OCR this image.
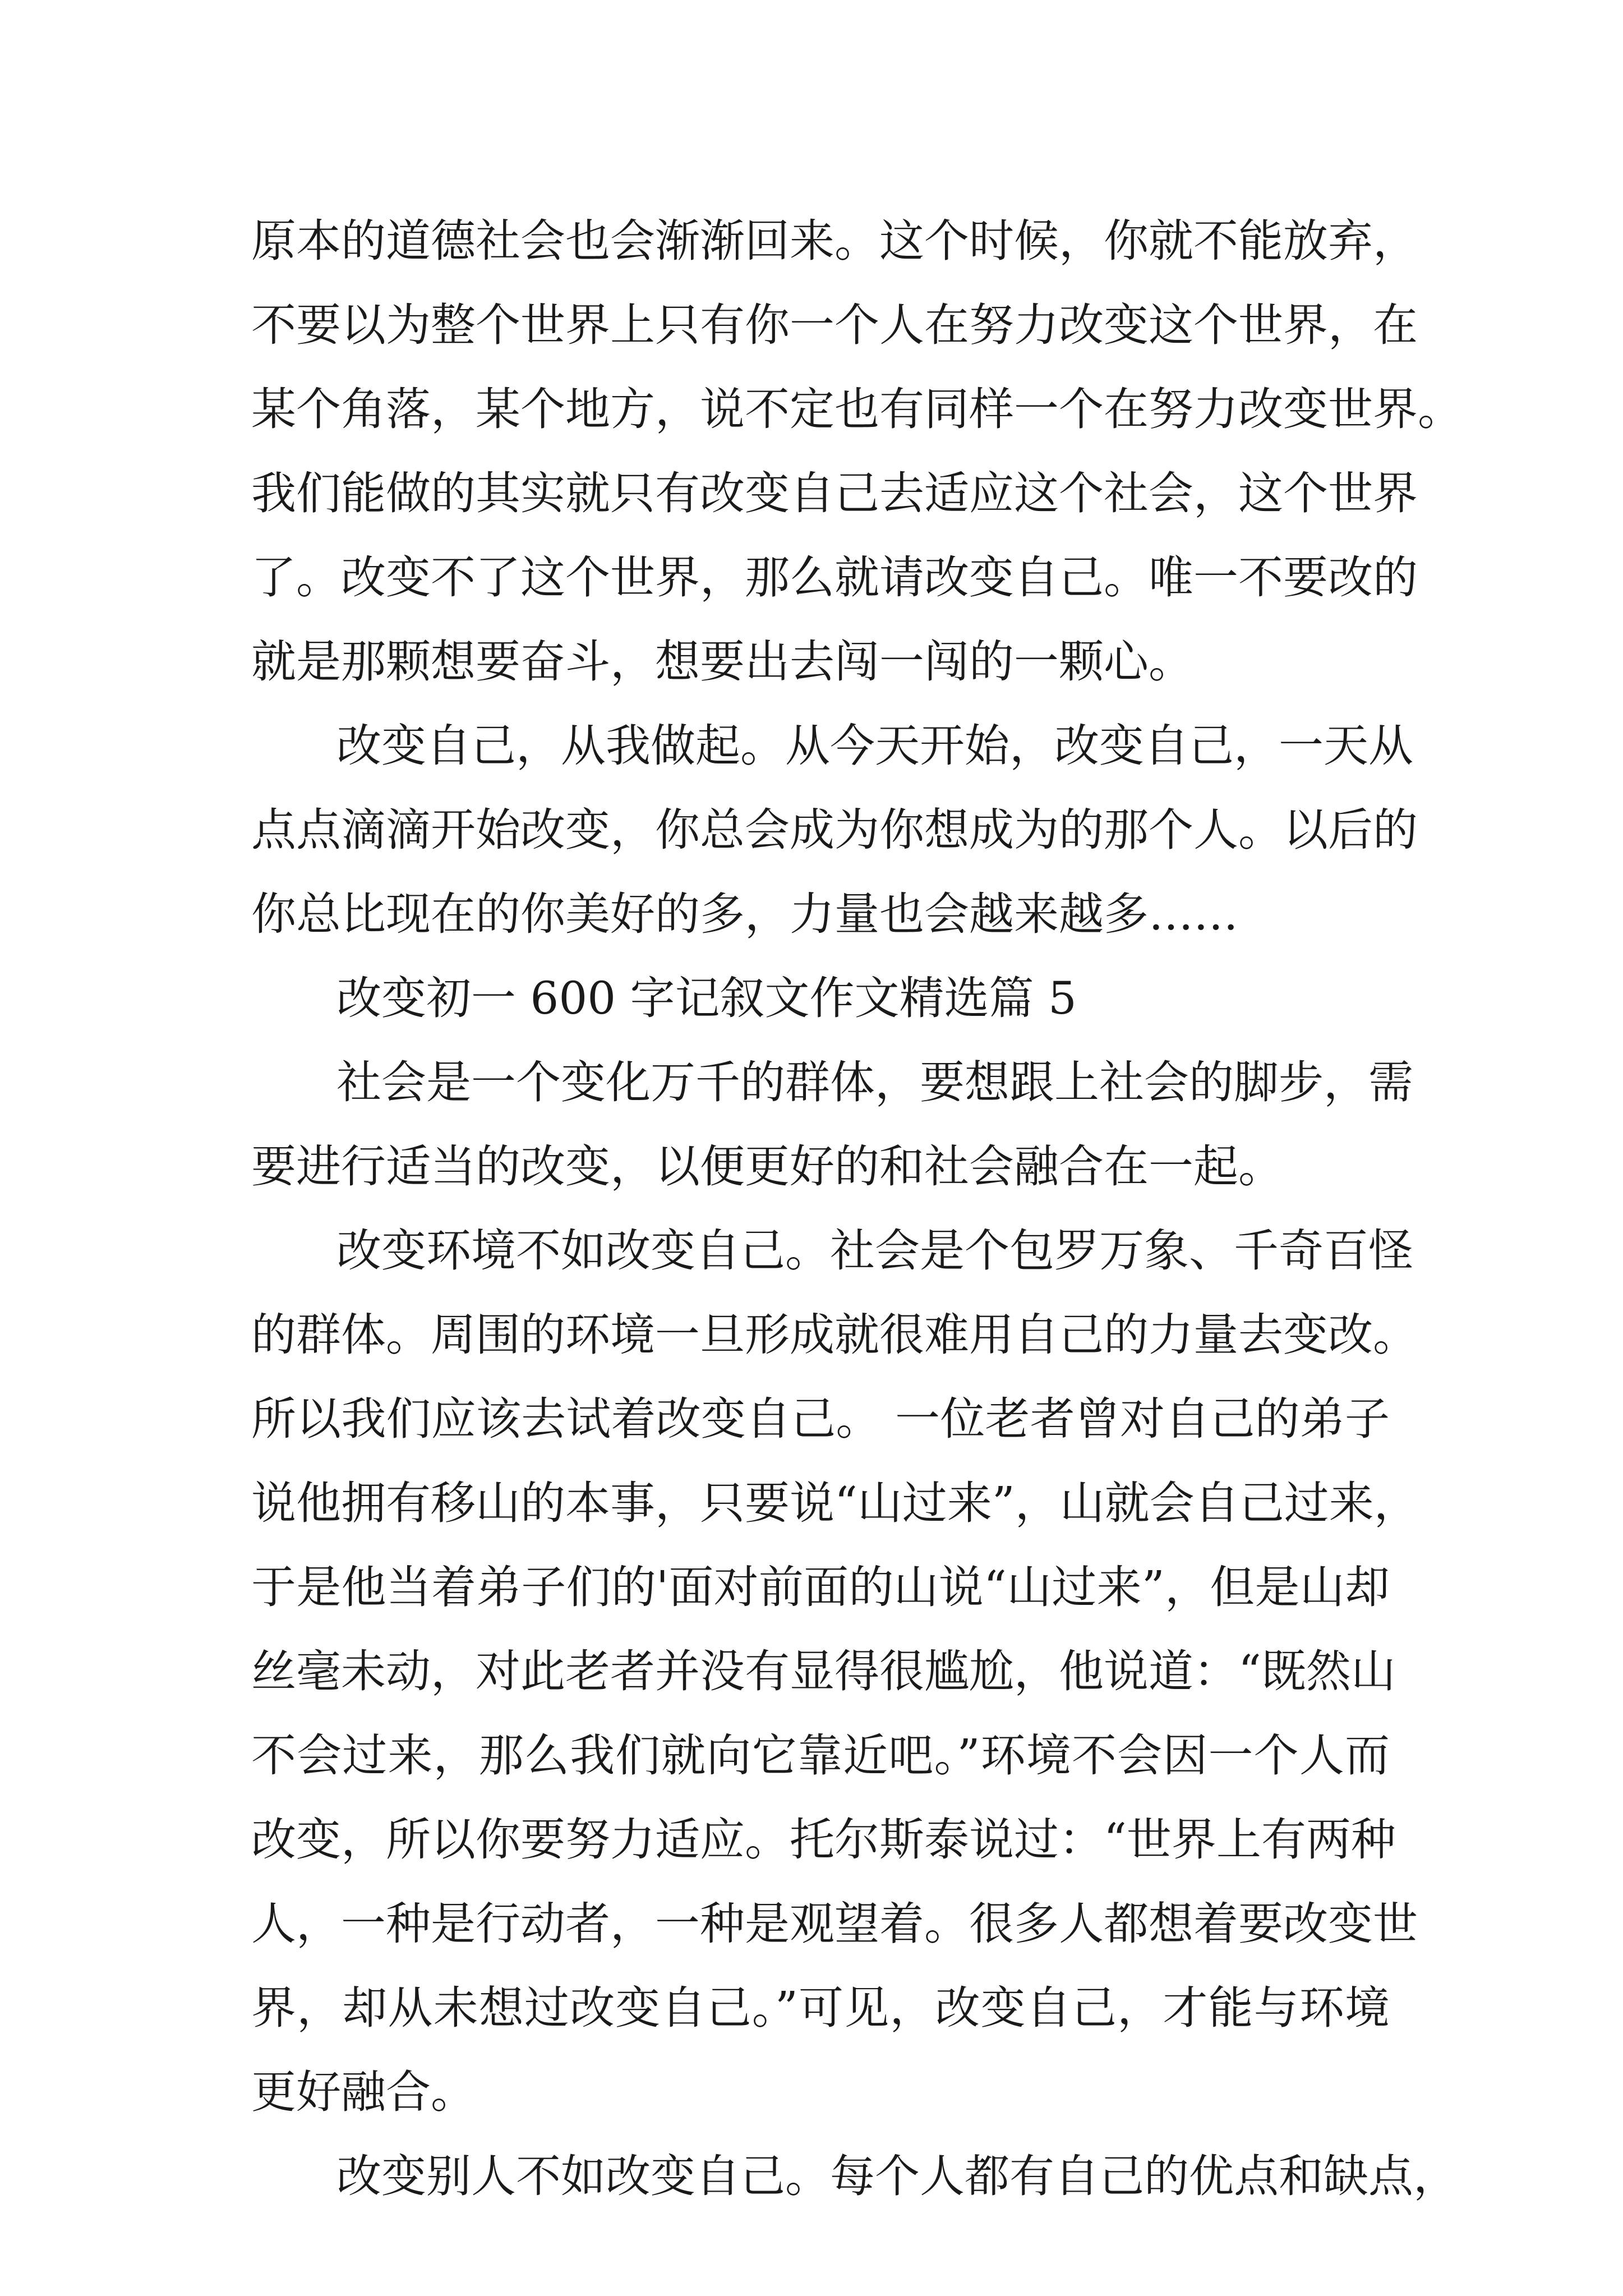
原本的道德社会也会渐渐回来。这个时候，你就不能放弃，
不要以为整个世界上只有你一个人在努力改变这个世界，在
某个角落，某个地方，说不定也有同样一个在努力改变世界。
我们能做的其实就只有改变自己去适应这个社会，这个世界
了。改变不了这个世界，那么就请改变自己。唯一不要改的
就是那颗想要奋斗，想要出去闯一闯的一颗心。
改变自己，从我做起。从今天开始，改变自己，一天从
点点滴滴开始改变，你总会成为你想成为的那个人。以后的
你总比现在的你美好的多，力量也会越来越多……
改变初一 600 字记叙文作文精选篇 5
社会是一个变化万千的群体，要想跟上社会的脚步，需
要进行适当的改变，以便更好的和社会融合在一起。
改变环境不如改变自己。社会是个包罗万象、千奇百怪
的群体。周围的环境一旦形成就很难用自己的力量去变改。
所以我们应该去试着改变自己。 一位老者曾对自己的弟子
说他拥有移山的本事，只要说“山过来”，山就会自己过来，
于是他当着弟子们的'面对前面的山说“山过来”，但是山却
丝毫未动，对此老者并没有显得很尴尬，他说道：“既然山
不会过来，那么我们就向它靠近吧。”环境不会因一个人而
改变，所以你要努力适应。托尔斯泰说过：“世界上有两种
人，一种是行动者，一种是观望着。很多人都想着要改变世
界，却从未想过改变自己。”可见，改变自己，才能与环境
更好融合。
改变别人不如改变自己。每个人都有自己的优点和缺点，
